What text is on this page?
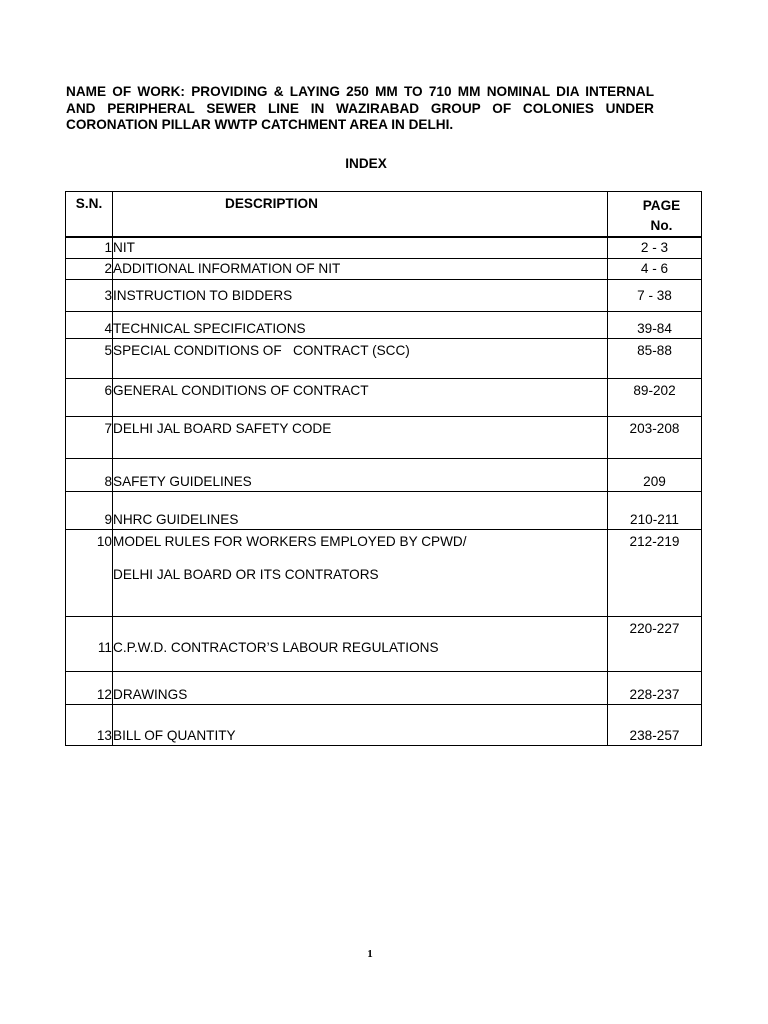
NAME OF WORK: PROVIDING & LAYING 250 MM TO 710 MM NOMINAL DIA INTERNAL AND PERIPHERAL SEWER LINE IN WAZIRABAD GROUP OF COLONIES UNDER CORONATION PILLAR WWTP CATCHMENT AREA IN DELHI.
INDEX
S.N.	DESCRIPTION	PAGE
No.

1	NIT	2 - 3
2	ADDITIONAL INFORMATION OF NIT	4 - 6
3	INSTRUCTION TO BIDDERS	7 - 38
4	TECHNICAL SPECIFICATIONS	39-84
5	SPECIAL CONDITIONS OF   CONTRACT (SCC)	85-88
6	GENERAL CONDITIONS OF CONTRACT	89-202
7	DELHI JAL BOARD SAFETY CODE	203-208
8	SAFETY GUIDELINES	209
9	NHRC GUIDELINES	210-211
10	MODEL RULES FOR WORKERS EMPLOYED BY CPWD/
DELHI JAL BOARD OR ITS CONTRATORS	212-219
11	C.P.W.D. CONTRACTOR’S LABOUR REGULATIONS	220-227
12	DRAWINGS	228-237
13	BILL OF QUANTITY	238-257
1
